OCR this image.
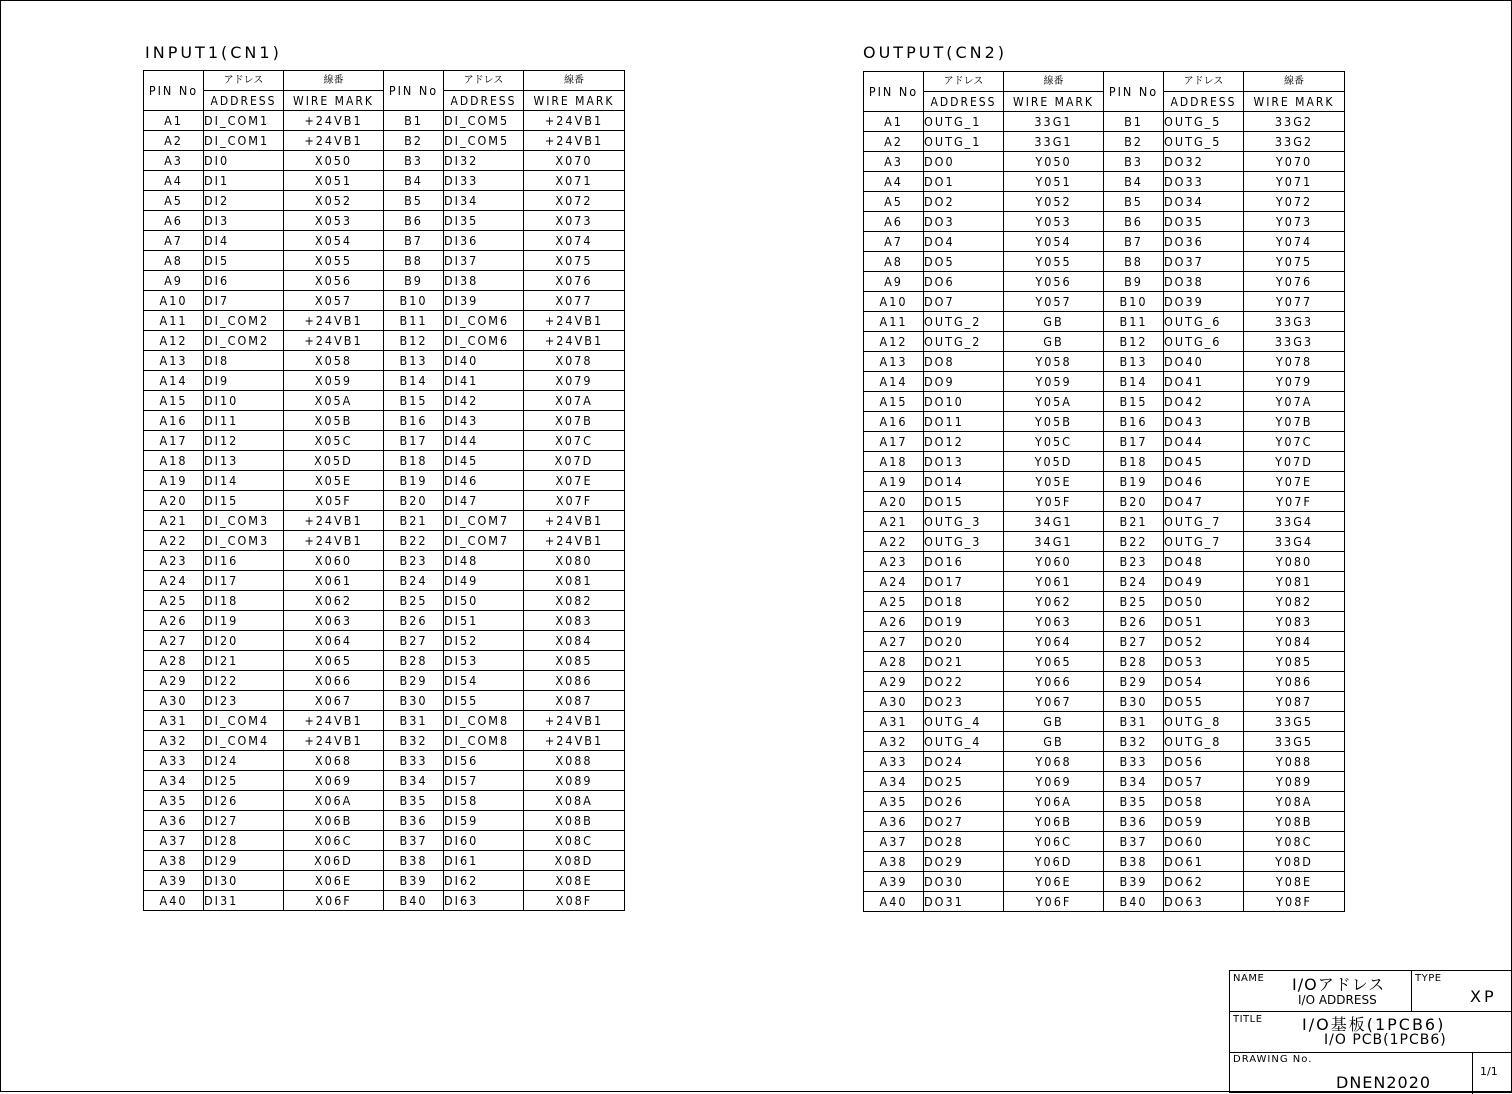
INPUT1(CN1)
PIN No	アドレス	線番	PIN No	アドレス	線番

	ADDRESS	WIRE MARK		ADDRESS	WIRE MARK

A1	DI_COM1	+24VB1	B1	DI_COM5	+24VB1
A2	DI_COM1	+24VB1	B2	DI_COM5	+24VB1
A3	DI0	X050	B3	DI32	X070
A4	DI1	X051	B4	DI33	X071
A5	DI2	X052	B5	DI34	X072
A6	DI3	X053	B6	DI35	X073
A7	DI4	X054	B7	DI36	X074
A8	DI5	X055	B8	DI37	X075
A9	DI6	X056	B9	DI38	X076
A10	DI7	X057	B10	DI39	X077
A11	DI_COM2	+24VB1	B11	DI_COM6	+24VB1
A12	DI_COM2	+24VB1	B12	DI_COM6	+24VB1
A13	DI8	X058	B13	DI40	X078
A14	DI9	X059	B14	DI41	X079
A15	DI10	X05A	B15	DI42	X07A
A16	DI11	X05B	B16	DI43	X07B
A17	DI12	X05C	B17	DI44	X07C
A18	DI13	X05D	B18	DI45	X07D
A19	DI14	X05E	B19	DI46	X07E
A20	DI15	X05F	B20	DI47	X07F
A21	DI_COM3	+24VB1	B21	DI_COM7	+24VB1
A22	DI_COM3	+24VB1	B22	DI_COM7	+24VB1
A23	DI16	X060	B23	DI48	X080
A24	DI17	X061	B24	DI49	X081
A25	DI18	X062	B25	DI50	X082
A26	DI19	X063	B26	DI51	X083
A27	DI20	X064	B27	DI52	X084
A28	DI21	X065	B28	DI53	X085
A29	DI22	X066	B29	DI54	X086
A30	DI23	X067	B30	DI55	X087
A31	DI_COM4	+24VB1	B31	DI_COM8	+24VB1
A32	DI_COM4	+24VB1	B32	DI_COM8	+24VB1
A33	DI24	X068	B33	DI56	X088
A34	DI25	X069	B34	DI57	X089
A35	DI26	X06A	B35	DI58	X08A
A36	DI27	X06B	B36	DI59	X08B
A37	DI28	X06C	B37	DI60	X08C
A38	DI29	X06D	B38	DI61	X08D
A39	DI30	X06E	B39	DI62	X08E
A40	DI31	X06F	B40	DI63	X08F
OUTPUT(CN2)
PIN No	アドレス	線番	PIN No	アドレス	線番

	ADDRESS	WIRE MARK		ADDRESS	WIRE MARK

A1	OUTG_1	33G1	B1	OUTG_5	33G2
A2	OUTG_1	33G1	B2	OUTG_5	33G2
A3	DO0	Y050	B3	DO32	Y070
A4	DO1	Y051	B4	DO33	Y071
A5	DO2	Y052	B5	DO34	Y072
A6	DO3	Y053	B6	DO35	Y073
A7	DO4	Y054	B7	DO36	Y074
A8	DO5	Y055	B8	DO37	Y075
A9	DO6	Y056	B9	DO38	Y076
A10	DO7	Y057	B10	DO39	Y077
A11	OUTG_2	GB	B11	OUTG_6	33G3
A12	OUTG_2	GB	B12	OUTG_6	33G3
A13	DO8	Y058	B13	DO40	Y078
A14	DO9	Y059	B14	DO41	Y079
A15	DO10	Y05A	B15	DO42	Y07A
A16	DO11	Y05B	B16	DO43	Y07B
A17	DO12	Y05C	B17	DO44	Y07C
A18	DO13	Y05D	B18	DO45	Y07D
A19	DO14	Y05E	B19	DO46	Y07E
A20	DO15	Y05F	B20	DO47	Y07F
A21	OUTG_3	34G1	B21	OUTG_7	33G4
A22	OUTG_3	34G1	B22	OUTG_7	33G4
A23	DO16	Y060	B23	DO48	Y080
A24	DO17	Y061	B24	DO49	Y081
A25	DO18	Y062	B25	DO50	Y082
A26	DO19	Y063	B26	DO51	Y083
A27	DO20	Y064	B27	DO52	Y084
A28	DO21	Y065	B28	DO53	Y085
A29	DO22	Y066	B29	DO54	Y086
A30	DO23	Y067	B30	DO55	Y087
A31	OUTG_4	GB	B31	OUTG_8	33G5
A32	OUTG_4	GB	B32	OUTG_8	33G5
A33	DO24	Y068	B33	DO56	Y088
A34	DO25	Y069	B34	DO57	Y089
A35	DO26	Y06A	B35	DO58	Y08A
A36	DO27	Y06B	B36	DO59	Y08B
A37	DO28	Y06C	B37	DO60	Y08C
A38	DO29	Y06D	B38	DO61	Y08D
A39	DO30	Y06E	B39	DO62	Y08E
A40	DO31	Y06F	B40	DO63	Y08F
NAME I/Oアドレス
I/O ADDRESS
TYPE
XP
TITLE I/O基板(1PCB6)
I/O PCB(1PCB6)
DRAWING No.
DNEN2020
1/1
